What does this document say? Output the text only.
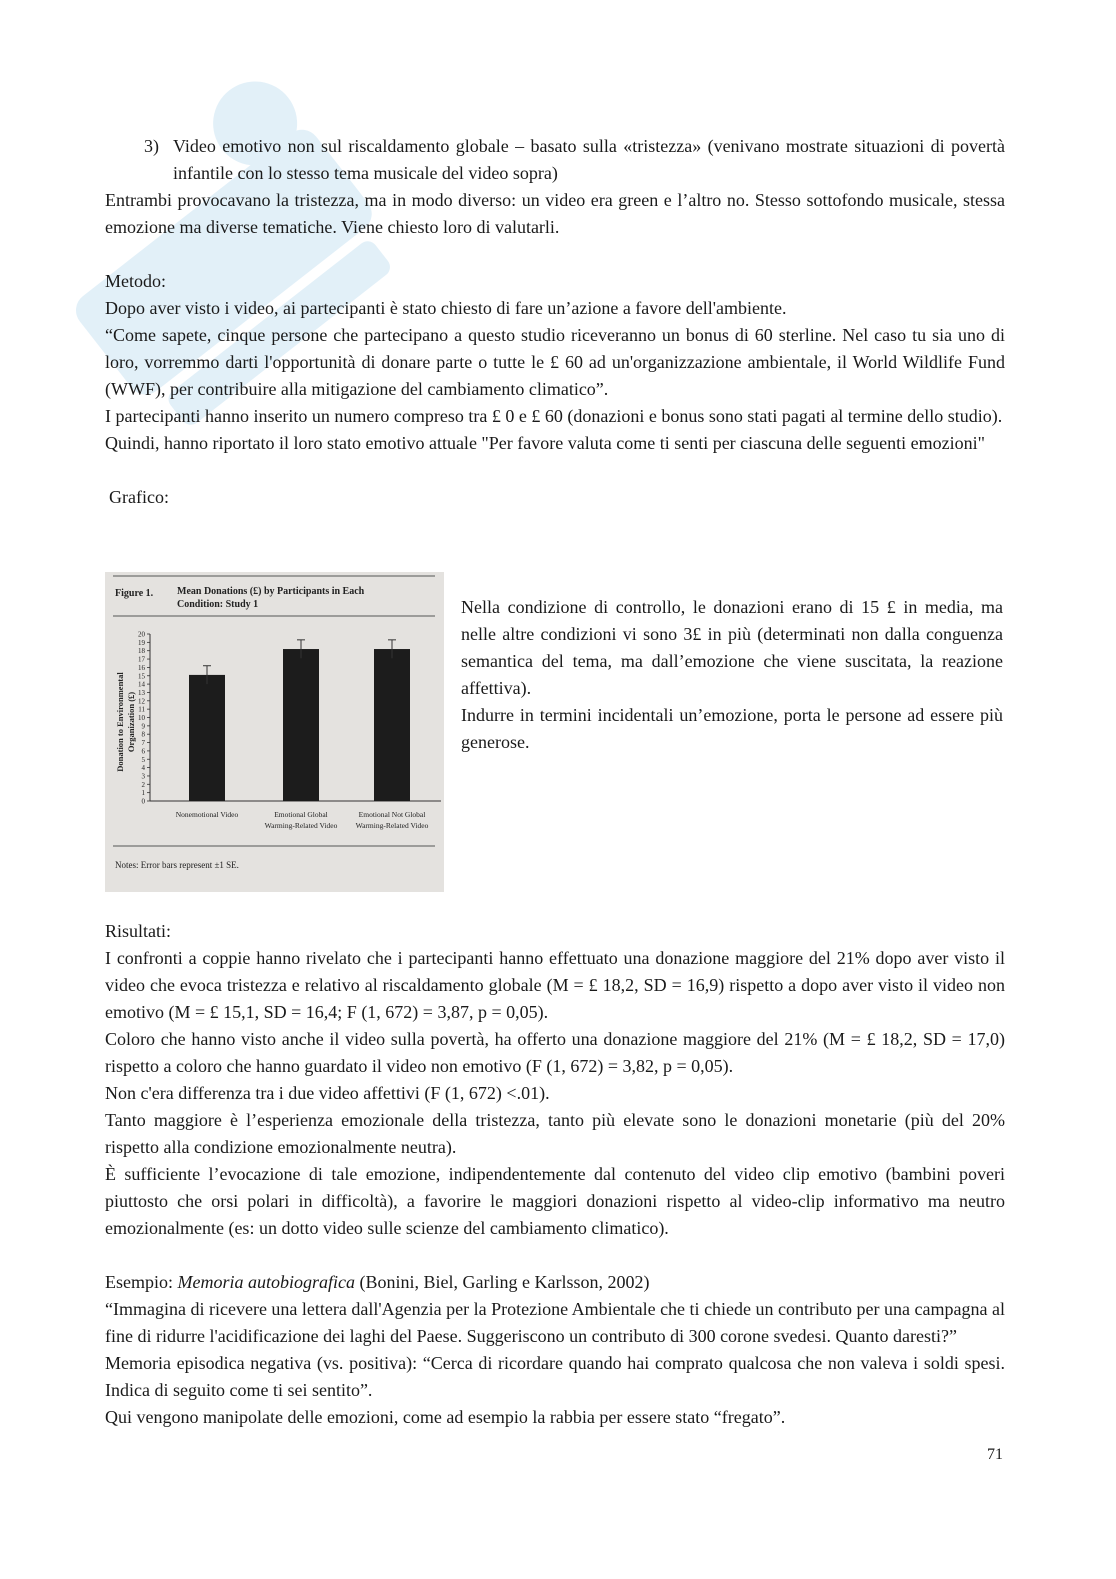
3) Video emotivo non sul riscaldamento globale – basato sulla «tristezza» (venivano mostrate situazioni di povertà infantile con lo stesso tema musicale del video sopra)

Entrambi provocavano la tristezza, ma in modo diverso: un video era green e l’altro no. Stesso sottofondo musicale, stessa emozione ma diverse tematiche. Viene chiesto loro di valutarli.

Metodo:

Dopo aver visto i video, ai partecipanti è stato chiesto di fare un’azione a favore dell'ambiente.

“Come sapete, cinque persone che partecipano a questo studio riceveranno un bonus di 60 sterline. Nel caso tu sia uno di loro, vorremmo darti l'opportunità di donare parte o tutte le £ 60 ad un'organizzazione ambientale, il World Wildlife Fund (WWF), per contribuire alla mitigazione del cambiamento climatico”.

I partecipanti hanno inserito un numero compreso tra £ 0 e £ 60 (donazioni e bonus sono stati pagati al termine dello studio).

Quindi, hanno riportato il loro stato emotivo attuale "Per favore valuta come ti senti per ciascuna delle seguenti emozioni"

Grafico:

Figure 1. Mean Donations (£) by Participants in Each
Condition: Study 1
Donation to Environmental Organization (£)
0
1
2
3
4
5
6
7
8
9
10
11
12
13
14
15
16
17
18
19
20
Nonemotional Video	Emotional Global
Warming-Related Video
Emotional Not Global
Warming-Related Video
Notes: Error bars represent ±1 SE.

Nella condizione di controllo, le donazioni erano di 15 £ in media, ma nelle altre condizioni vi sono 3£ in più (determinati non dalla conguenza semantica del tema, ma dall’emozione che viene suscitata, la reazione affettiva).

Indurre in termini incidentali un’emozione, porta le persone ad essere più generose.

Risultati:

I confronti a coppie hanno rivelato che i partecipanti hanno effettuato una donazione maggiore del 21% dopo aver visto il video che evoca tristezza e relativo al riscaldamento globale (M = £ 18,2, SD = 16,9) rispetto a dopo aver visto il video non emotivo (M = £ 15,1, SD = 16,4; F (1, 672) = 3,87, p = 0,05).

Coloro che hanno visto anche il video sulla povertà, ha offerto una donazione maggiore del 21% (M = £ 18,2, SD = 17,0) rispetto a coloro che hanno guardato il video non emotivo (F (1, 672) = 3,82, p = 0,05).

Non c'era differenza tra i due video affettivi (F (1, 672) <.01).

Tanto maggiore è l’esperienza emozionale della tristezza, tanto più elevate sono le donazioni monetarie (più del 20% rispetto alla condizione emozionalmente neutra).

È sufficiente l’evocazione di tale emozione, indipendentemente dal contenuto del video clip emotivo (bambini poveri piuttosto che orsi polari in difficoltà), a favorire le maggiori donazioni rispetto al video-clip informativo ma neutro emozionalmente (es: un dotto video sulle scienze del cambiamento climatico).

Esempio: Memoria autobiografica (Bonini, Biel, Garling e Karlsson, 2002)

“Immagina di ricevere una lettera dall'Agenzia per la Protezione Ambientale che ti chiede un contributo per una campagna al fine di ridurre l'acidificazione dei laghi del Paese. Suggeriscono un contributo di 300 corone svedesi. Quanto daresti?”

Memoria episodica negativa (vs. positiva): “Cerca di ricordare quando hai comprato qualcosa che non valeva i soldi spesi. Indica di seguito come ti sei sentito”.

Qui vengono manipolate delle emozioni, come ad esempio la rabbia per essere stato “fregato”.

71
